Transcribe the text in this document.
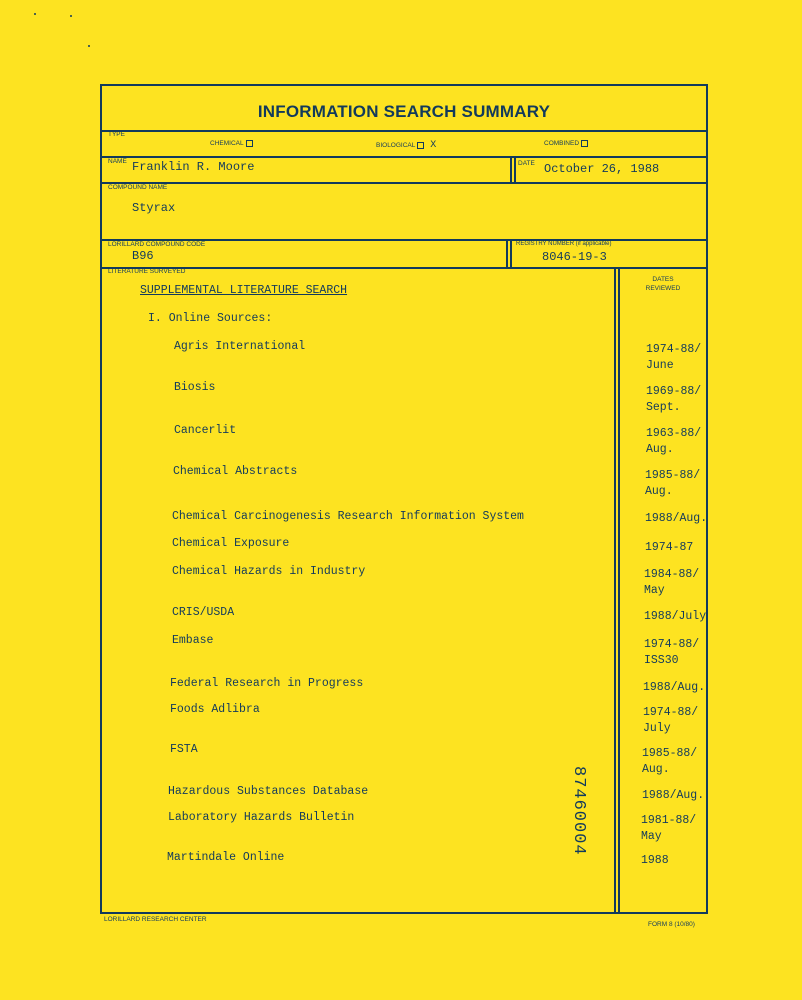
INFORMATION SEARCH SUMMARY
TYPE
CHEMICAL	BIOLOGICAL X	COMBINED
NAME Franklin R. Moore	DATE October 26, 1988
COMPOUND NAME
Styrax
LORILLARD COMPOUND CODE
B96
REGISTRY NUMBER (if applicable)
8046-19-3
LITERATURE SURVEYED
DATES REVIEWED
SUPPLEMENTAL LITERATURE SEARCH
I. Online Sources:
Agris International	1974-88/
June
Biosis	1969-88/
Sept.
Cancerlit	1963-88/
Aug.
Chemical Abstracts	1985-88/
Aug.
Chemical Carcinogenesis Research Information System	1988/Aug.
Chemical Exposure	1974-87
Chemical Hazards in Industry	1984-88/
May
CRIS/USDA	1988/July
Embase	1974-88/
ISS30
Federal Research in Progress	1988/Aug.
Foods Adlibra	1974-88/
July
FSTA	1985-88/
Aug.
Hazardous Substances Database	1988/Aug.
Laboratory Hazards Bulletin	1981-88/
May
Martindale Online	1988
87460004
LORILLARD RESEARCH CENTER
FORM 8 (10/80)
